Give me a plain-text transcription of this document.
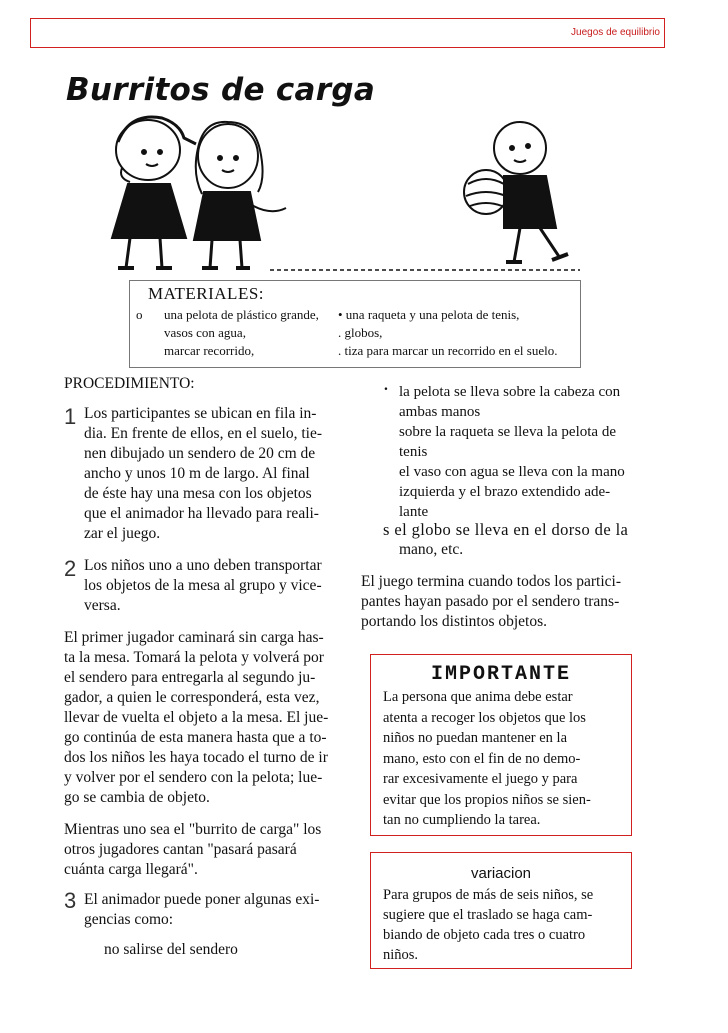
Juegos de equilibrio
Burritos de carga
MATERIALES:
o	una pelota de plástico grande,
vasos con agua,
marcar recorrido,
• una raqueta y una pelota de tenis,
. globos,
. tiza para marcar un recorrido en el suelo.
PROCEDIMIENTO:
1 Los participantes se ubican en fila in-
dia. En frente de ellos, en el suelo, tie-
nen dibujado un sendero de 20 cm de
ancho y unos 10 m de largo. Al final
de éste hay una mesa con los objetos
que el animador ha llevado para reali-
zar el juego.
2 Los niños uno a uno deben transportar
los objetos de la mesa al grupo y vice-
versa.
El primer jugador caminará sin carga has-
ta la mesa. Tomará la pelota y volverá por
el sendero para entregarla al segundo ju-
gador, a quien le corresponderá, esta vez,
llevar de vuelta el objeto a la mesa. El jue-
go continúa de esta manera hasta que a to-
dos los niños les haya tocado el turno de ir
y volver por el sendero con la pelota; lue-
go se cambia de objeto.
Mientras uno sea el "burrito de carga" los
otros jugadores cantan "pasará pasará
cuánta carga llegará".
3 El animador puede poner algunas exi-
gencias como:
no salirse del sendero
. la pelota se lleva sobre la cabeza con
ambas manos
sobre la raqueta se lleva la pelota de
tenis
el vaso con agua se lleva con la mano
izquierda y el brazo extendido ade-
lante
s el globo se lleva en el dorso de la
mano, etc.
El juego termina cuando todos los partici-
pantes hayan pasado por el sendero trans-
portando los distintos objetos.
IMPORTANTE
La persona que anima debe estar
atenta a recoger los objetos que los
niños no puedan mantener en la
mano, esto con el fin de no demo-
rar excesivamente el juego y para
evitar que los propios niños se sien-
tan no cumpliendo la tarea.
variacion
Para grupos de más de seis niños, se
sugiere que el traslado se haga cam-
biando de objeto cada tres o cuatro
niños.
